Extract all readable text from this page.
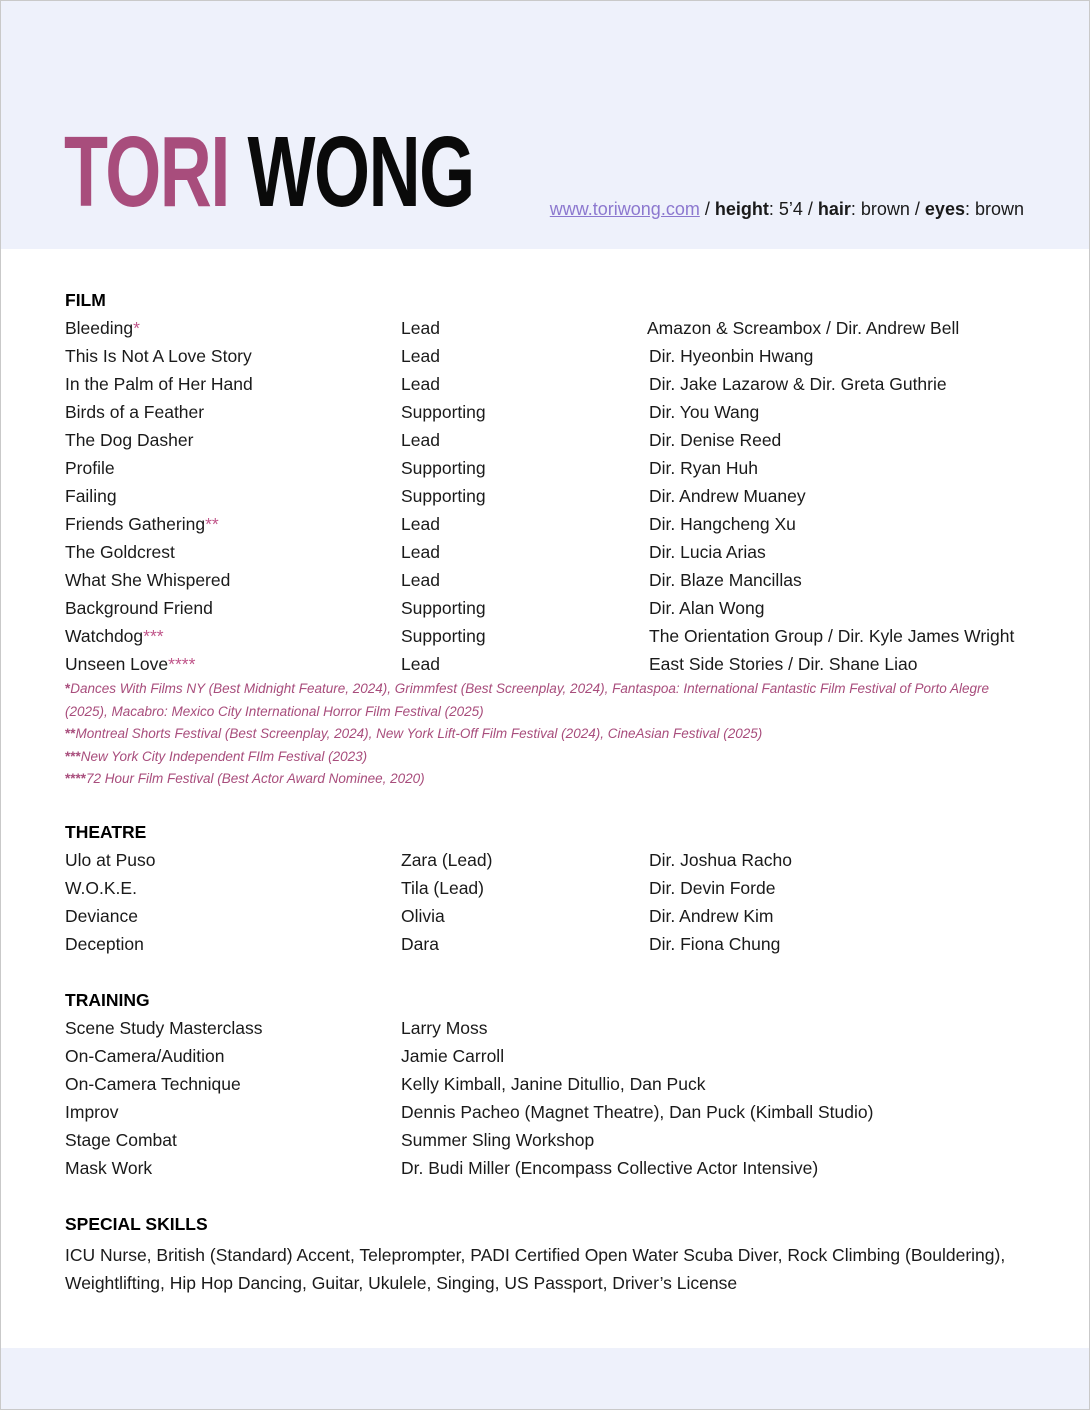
TORI WONG	www.toriwong.com / height: 5’4 / hair: brown / eyes: brown
FILM
Bleeding*	Lead	Amazon & Screambox / Dir. Andrew Bell
This Is Not A Love Story	Lead	Dir. Hyeonbin Hwang
In the Palm of Her Hand	Lead	Dir. Jake Lazarow & Dir. Greta Guthrie
Birds of a Feather	Supporting	Dir. You Wang
The Dog Dasher	Lead	Dir. Denise Reed
Profile	Supporting	Dir. Ryan Huh
Failing	Supporting	Dir. Andrew Muaney
Friends Gathering**	Lead	Dir. Hangcheng Xu
The Goldcrest	Lead	Dir. Lucia Arias
What She Whispered	Lead	Dir. Blaze Mancillas
Background Friend	Supporting	Dir. Alan Wong
Watchdog***	Supporting	The Orientation Group / Dir. Kyle James Wright
Unseen Love****	Lead	East Side Stories / Dir. Shane Liao
*Dances With Films NY (Best Midnight Feature, 2024), Grimmfest (Best Screenplay, 2024), Fantaspoa: International Fantastic Film Festival of Porto Alegre (2025), Macabro: Mexico City International Horror Film Festival (2025)
**Montreal Shorts Festival (Best Screenplay, 2024), New York Lift-Off Film Festival (2024), CineAsian Festival (2025)
***New York City Independent FIlm Festival (2023)
****72 Hour Film Festival (Best Actor Award Nominee, 2020)
THEATRE
Ulo at Puso	Zara (Lead)	Dir. Joshua Racho
W.O.K.E.	Tila (Lead)	Dir. Devin Forde
Deviance	Olivia	Dir. Andrew Kim
Deception	Dara	Dir. Fiona Chung
TRAINING
Scene Study Masterclass	Larry Moss
On-Camera/Audition	Jamie Carroll
On-Camera Technique	Kelly Kimball, Janine Ditullio, Dan Puck
Improv	Dennis Pacheo (Magnet Theatre), Dan Puck (Kimball Studio)
Stage Combat	Summer Sling Workshop
Mask Work	Dr. Budi Miller (Encompass Collective Actor Intensive)
SPECIAL SKILLS

ICU Nurse, British (Standard) Accent, Teleprompter, PADI Certified Open Water Scuba Diver, Rock Climbing (Bouldering), Weightlifting, Hip Hop Dancing, Guitar, Ukulele, Singing, US Passport, Driver’s License
